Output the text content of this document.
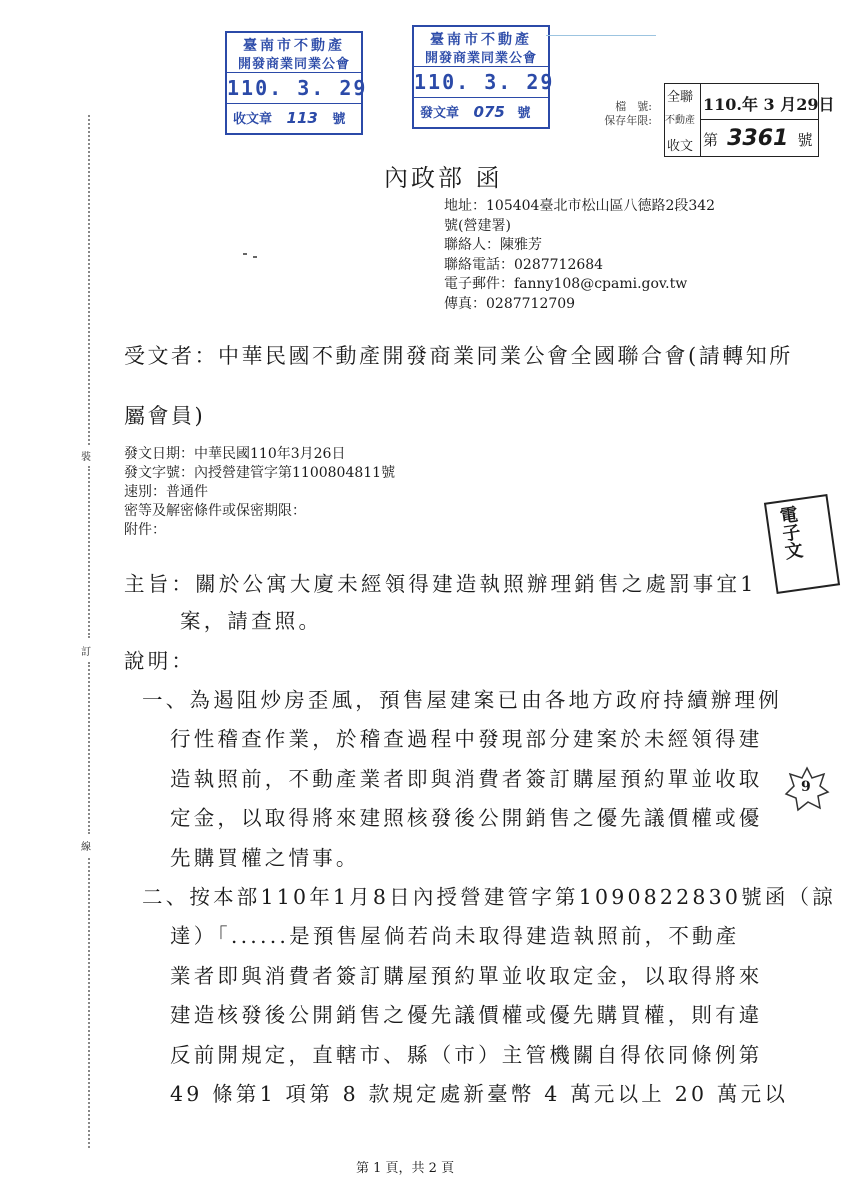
臺南市不動產
開發商業同業公會
110. 3. 29
收文章 113 號
臺南市不動產
開發商業同業公會
110. 3. 29
發文章 075 號	檔　號:
保存年限:
全聯
不動產
收文
110.年 3 月29日
第 3361 號
內政部 函
地址：105404臺北市松山區八德路2段342
號(營建署)
聯絡人：陳雅芳
聯絡電話：0287712684
電子郵件：fanny108@cpami.gov.tw
傳真：0287712709
受文者：中華民國不動產開發商業同業公會全國聯合會(請轉知所
屬會員)
發文日期：中華民國110年3月26日
發文字號：內授營建管字第1100804811號
速別：普通件
密等及解密條件或保密期限：
附件：
主旨：關於公寓大廈未經領得建造執照辦理銷售之處罰事宜1
案，請查照。
說明：
一、為遏阻炒房歪風，預售屋建案已由各地方政府持續辦理例
行性稽查作業，於稽查過程中發現部分建案於未經領得建
造執照前，不動產業者即與消費者簽訂購屋預約單並收取
定金，以取得將來建照核發後公開銷售之優先議價權或優
先購買權之情事。
二、按本部110年1月8日內授營建管字第1090822830號函（諒
達）「......是預售屋倘若尚未取得建造執照前，不動產
業者即與消費者簽訂購屋預約單並收取定金，以取得將來
建造核發後公開銷售之優先議價權或優先購買權，則有違
反前開規定，直轄市、縣（市）主管機關自得依同條例第
49 條第1 項第 8 款規定處新臺幣 4 萬元以上 20 萬元以
裝
訂
線
電子文
9
第 1 頁，共 2 頁
